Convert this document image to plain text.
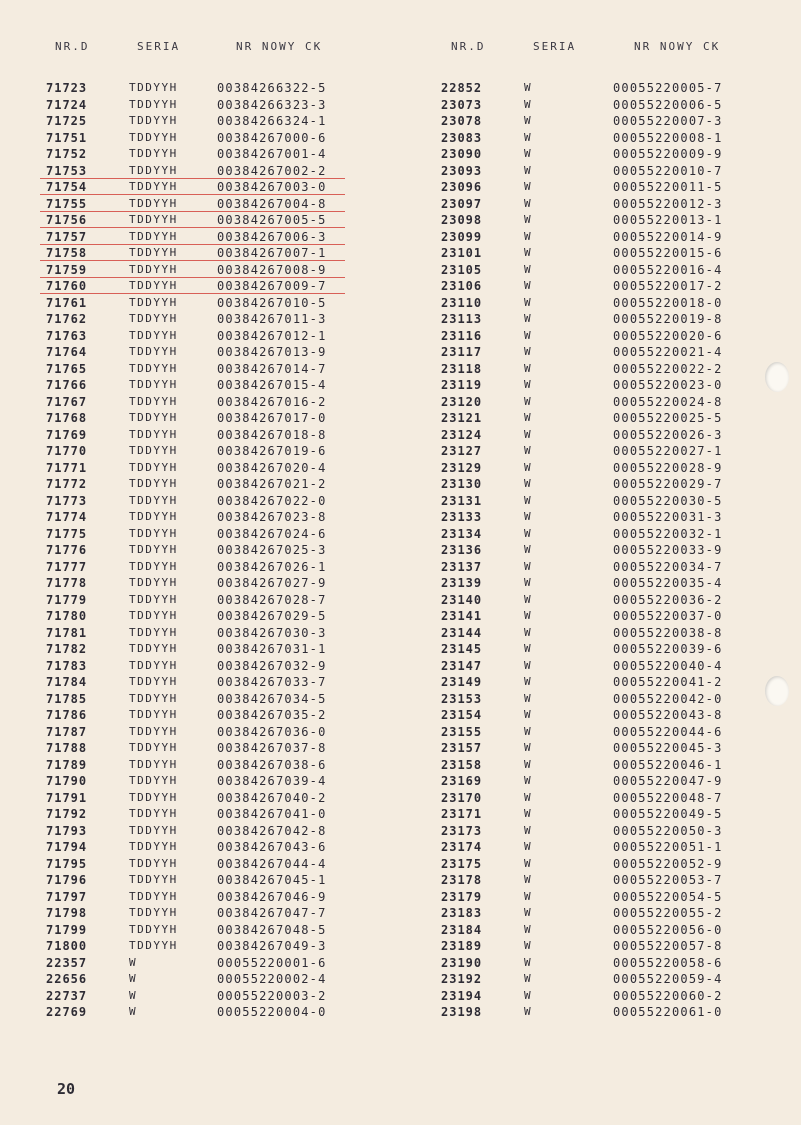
NR.D	SERIA	NR NOWY CK	NR.D	SERIA	NR NOWY CK
71723	TDDYYH	00384266322-5
71724	TDDYYH	00384266323-3
71725	TDDYYH	00384266324-1
71751	TDDYYH	00384267000-6
71752	TDDYYH	00384267001-4
71753	TDDYYH	00384267002-2
71754	TDDYYH	00384267003-0
71755	TDDYYH	00384267004-8
71756	TDDYYH	00384267005-5
71757	TDDYYH	00384267006-3
71758	TDDYYH	00384267007-1
71759	TDDYYH	00384267008-9
71760	TDDYYH	00384267009-7
71761	TDDYYH	00384267010-5
71762	TDDYYH	00384267011-3
71763	TDDYYH	00384267012-1
71764	TDDYYH	00384267013-9
71765	TDDYYH	00384267014-7
71766	TDDYYH	00384267015-4
71767	TDDYYH	00384267016-2
71768	TDDYYH	00384267017-0
71769	TDDYYH	00384267018-8
71770	TDDYYH	00384267019-6
71771	TDDYYH	00384267020-4
71772	TDDYYH	00384267021-2
71773	TDDYYH	00384267022-0
71774	TDDYYH	00384267023-8
71775	TDDYYH	00384267024-6
71776	TDDYYH	00384267025-3
71777	TDDYYH	00384267026-1
71778	TDDYYH	00384267027-9
71779	TDDYYH	00384267028-7
71780	TDDYYH	00384267029-5
71781	TDDYYH	00384267030-3
71782	TDDYYH	00384267031-1
71783	TDDYYH	00384267032-9
71784	TDDYYH	00384267033-7
71785	TDDYYH	00384267034-5
71786	TDDYYH	00384267035-2
71787	TDDYYH	00384267036-0
71788	TDDYYH	00384267037-8
71789	TDDYYH	00384267038-6
71790	TDDYYH	00384267039-4
71791	TDDYYH	00384267040-2
71792	TDDYYH	00384267041-0
71793	TDDYYH	00384267042-8
71794	TDDYYH	00384267043-6
71795	TDDYYH	00384267044-4
71796	TDDYYH	00384267045-1
71797	TDDYYH	00384267046-9
71798	TDDYYH	00384267047-7
71799	TDDYYH	00384267048-5
71800	TDDYYH	00384267049-3
22357	W	00055220001-6
22656	W	00055220002-4
22737	W	00055220003-2
22769	W	00055220004-0
22852	W	00055220005-7
23073	W	00055220006-5
23078	W	00055220007-3
23083	W	00055220008-1
23090	W	00055220009-9
23093	W	00055220010-7
23096	W	00055220011-5
23097	W	00055220012-3
23098	W	00055220013-1
23099	W	00055220014-9
23101	W	00055220015-6
23105	W	00055220016-4
23106	W	00055220017-2
23110	W	00055220018-0
23113	W	00055220019-8
23116	W	00055220020-6
23117	W	00055220021-4
23118	W	00055220022-2
23119	W	00055220023-0
23120	W	00055220024-8
23121	W	00055220025-5
23124	W	00055220026-3
23127	W	00055220027-1
23129	W	00055220028-9
23130	W	00055220029-7
23131	W	00055220030-5
23133	W	00055220031-3
23134	W	00055220032-1
23136	W	00055220033-9
23137	W	00055220034-7
23139	W	00055220035-4
23140	W	00055220036-2
23141	W	00055220037-0
23144	W	00055220038-8
23145	W	00055220039-6
23147	W	00055220040-4
23149	W	00055220041-2
23153	W	00055220042-0
23154	W	00055220043-8
23155	W	00055220044-6
23157	W	00055220045-3
23158	W	00055220046-1
23169	W	00055220047-9
23170	W	00055220048-7
23171	W	00055220049-5
23173	W	00055220050-3
23174	W	00055220051-1
23175	W	00055220052-9
23178	W	00055220053-7
23179	W	00055220054-5
23183	W	00055220055-2
23184	W	00055220056-0
23189	W	00055220057-8
23190	W	00055220058-6
23192	W	00055220059-4
23194	W	00055220060-2
23198	W	00055220061-0
20
